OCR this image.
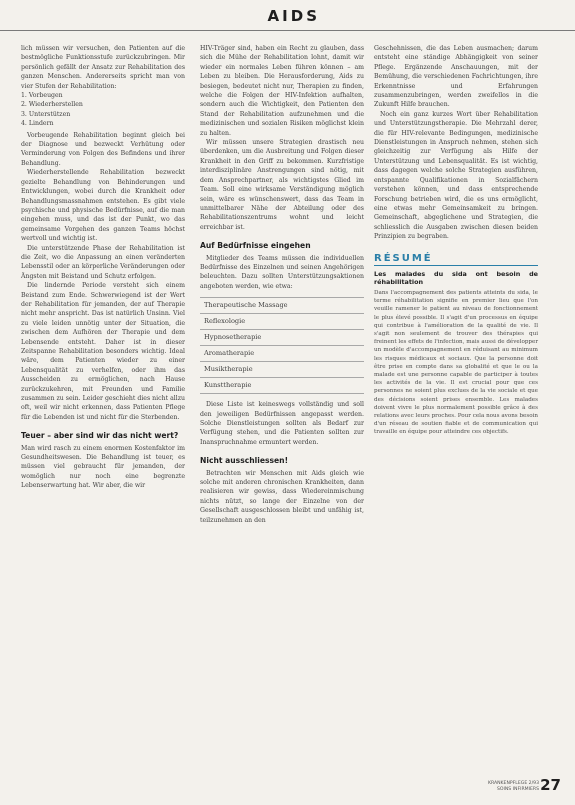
AIDS

lich müssen wir versuchen, den Patienten auf die bestmögliche Funktionsstufe zurückzubringen. Mir persönlich gefällt der Ansatz zur Rehabilitation des ganzen Menschen. Andererseits spricht man von vier Stufen der Rehabilitation:

1. Vorbeugen
2. Wiederherstellen
3. Unterstützen
4. Lindern

Vorbeugende Rehabilitation beginnt gleich bei der Diagnose und bezweckt Verhütung oder Verminderung von Folgen des Befindens und ihrer Behandlung.

Wiederherstellende Rehabilitation bezweckt gezielte Behandlung von Behinderungen und Entwicklungen, wobei durch die Krankheit oder Behandlungsmassnahmen entstehen. Es gibt viele psychische und physische Bedürfnisse, auf die man eingehen muss, und das ist der Punkt, wo das gemeinsame Vorgehen des ganzen Teams höchst wertvoll und wichtig ist.

Die unterstützende Phase der Rehabilitation ist die Zeit, wo die Anpassung an einen veränderten Lebensstil oder an körperliche Veränderungen oder Ängsten mit Beistand und Schutz erfolgen.

Die lindernde Periode versteht sich einem Beistand zum Ende. Schwerwiegend ist der Wert der Rehabilitation für jemanden, der auf Therapie nicht mehr anspricht. Das ist natürlich Unsinn. Viel zu viele leiden unnötig unter der Situation, die zwischen dem Aufhören der Therapie und dem Lebensende entsteht. Daher ist in dieser Zeitspanne Rehabilitation besonders wichtig. Ideal wäre, dem Patienten wieder zu einer Lebensqualität zu verhelfen, oder ihm das Ausscheiden zu ermöglichen, nach Hause zurückzukehren, mit Freunden und Familie zusammen zu sein. Leider geschieht dies nicht allzu oft, weil wir nicht erkennen, dass Patienten Pflege für die Lebenden ist und nicht für die Sterbenden.

Teuer – aber sind wir das nicht wert?

Man wird rasch zu einem enormen Kostenfaktor im Gesundheitswesen. Die Behandlung ist teuer, es müssen viel gebraucht für jemanden, der womöglich nur noch eine begrenzte Lebenserwartung hat. Wir aber, die wir

HIV-Träger sind, haben ein Recht zu glauben, dass sich die Mühe der Rehabilitation lohnt, damit wir wieder ein normales Leben führen können – am Leben zu bleiben. Die Herausforderung, Aids zu besiegen, bedeutet nicht nur, Therapien zu finden, welche die Folgen der HIV-Infektion aufhalten, sondern auch die Wichtigkeit, den Patienten den Stand der Rehabilitation aufzunehmen und die medizinischen und sozialen Risiken möglichst klein zu halten.

Wir müssen unsere Strategien drastisch neu überdenken, um die Ausbreitung und Folgen dieser Krankheit in den Griff zu bekommen. Kurzfristige interdisziplinäre Anstrengungen sind nötig, mit dem Ansprechpartner, als wichtigstes Glied im Team. Soll eine wirksame Verständigung möglich sein, wäre es wünschenswert, dass das Team in unmittelbarer Nähe der Abteilung oder des Rehabilitationszentrums wohnt und leicht erreichbar ist.

Auf Bedürfnisse eingehen

Mitglieder des Teams müssen die individuellen Bedürfnisse des Einzelnen und seinen Angehörigen beleuchten. Dazu sollten Unterstützungsaktionen angeboten werden, wie etwa:

Therapeutische Massage
Reflexologie
Hypnosetherapie
Aromatherapie
Musiktherapie
Kunsttherapie

Diese Liste ist keineswegs vollständig und soll den jeweiligen Bedürfnissen angepasst werden. Solche Dienstleistungen sollten als Bedarf zur Verfügung stehen, und die Patienten sollten zur Inanspruchnahme ermuntert werden.

Nicht ausschliessen!

Betrachten wir Menschen mit Aids gleich wie solche mit anderen chronischen Krankheiten, dann realisieren wir gewiss, dass Wiedereinmischung nichts nützt, so lange der Einzelne von der Gesellschaft ausgeschlossen bleibt und unfähig ist, teilzunehmen an den

Geschehnissen, die das Leben ausmachen; darum entsteht eine ständige Abhängigkeit von seiner Pflege. Ergänzende Anschauungen, mit der Bemühung, die verschiedenen Fachrichtungen, ihre Erkenntnisse und Erfahrungen zusammenzubringen, werden zweifellos in die Zukunft Hilfe brauchen.

Noch ein ganz kurzes Wort über Rehabilitation und Unterstützungstherapie. Die Mehrzahl derer, die für HIV-relevante Bedingungen, medizinische Dienstleistungen in Anspruch nehmen, stehen sich gleichzeitig zur Verfügung als Hilfe der Unterstützung und Lebensqualität. Es ist wichtig, dass dagegen welche solche Strategien ausführen, entspannte Qualifikationen in Sozialfächern verstehen können, und dass entsprechende Forschung betrieben wird, die es uns ermöglicht, eine etwas mehr Gemeinsamkeit zu bringen. Gemeinschaft, abgeglichene und Strategien, die schliesslich die Ausgaben zwischen diesen beiden Prinzipien zu begraben.

RÉSUMÉ
Les malades du sida ont besoin de réhabilitation
Dans l'accompagnement des patients atteints du sida, le terme réhabilitation signifie en premier lieu que l'on veuille ramener le patient au niveau de fonctionnement le plus élevé possible. Il s'agit d'un processus en équipe qui contribue à l'amélioration de la qualité de vie. Il s'agit non seulement de trouver des thérapies qui freinent les effets de l'infection, mais aussi de développer un modèle d'accompagnement en réduisant au minimum les risques médicaux et sociaux. Que la personne doit être prise en compte dans sa globalité et que le ou la malade est une personne capable de participer à toutes les activités de la vie. Il est crucial pour que ces personnes ne soient plus exclues de la vie sociale et que des décisions soient prises ensemble. Les malades doivent vivre le plus normalement possible grâce à des relations avec leurs proches. Pour cela nous avons besoin d'un réseau de soutien fiable et de communication qui travaille en équipe pour atteindre ces objectifs.
KRANKENPFLEGE 2/93
SOINS INFIRMIERS 27
